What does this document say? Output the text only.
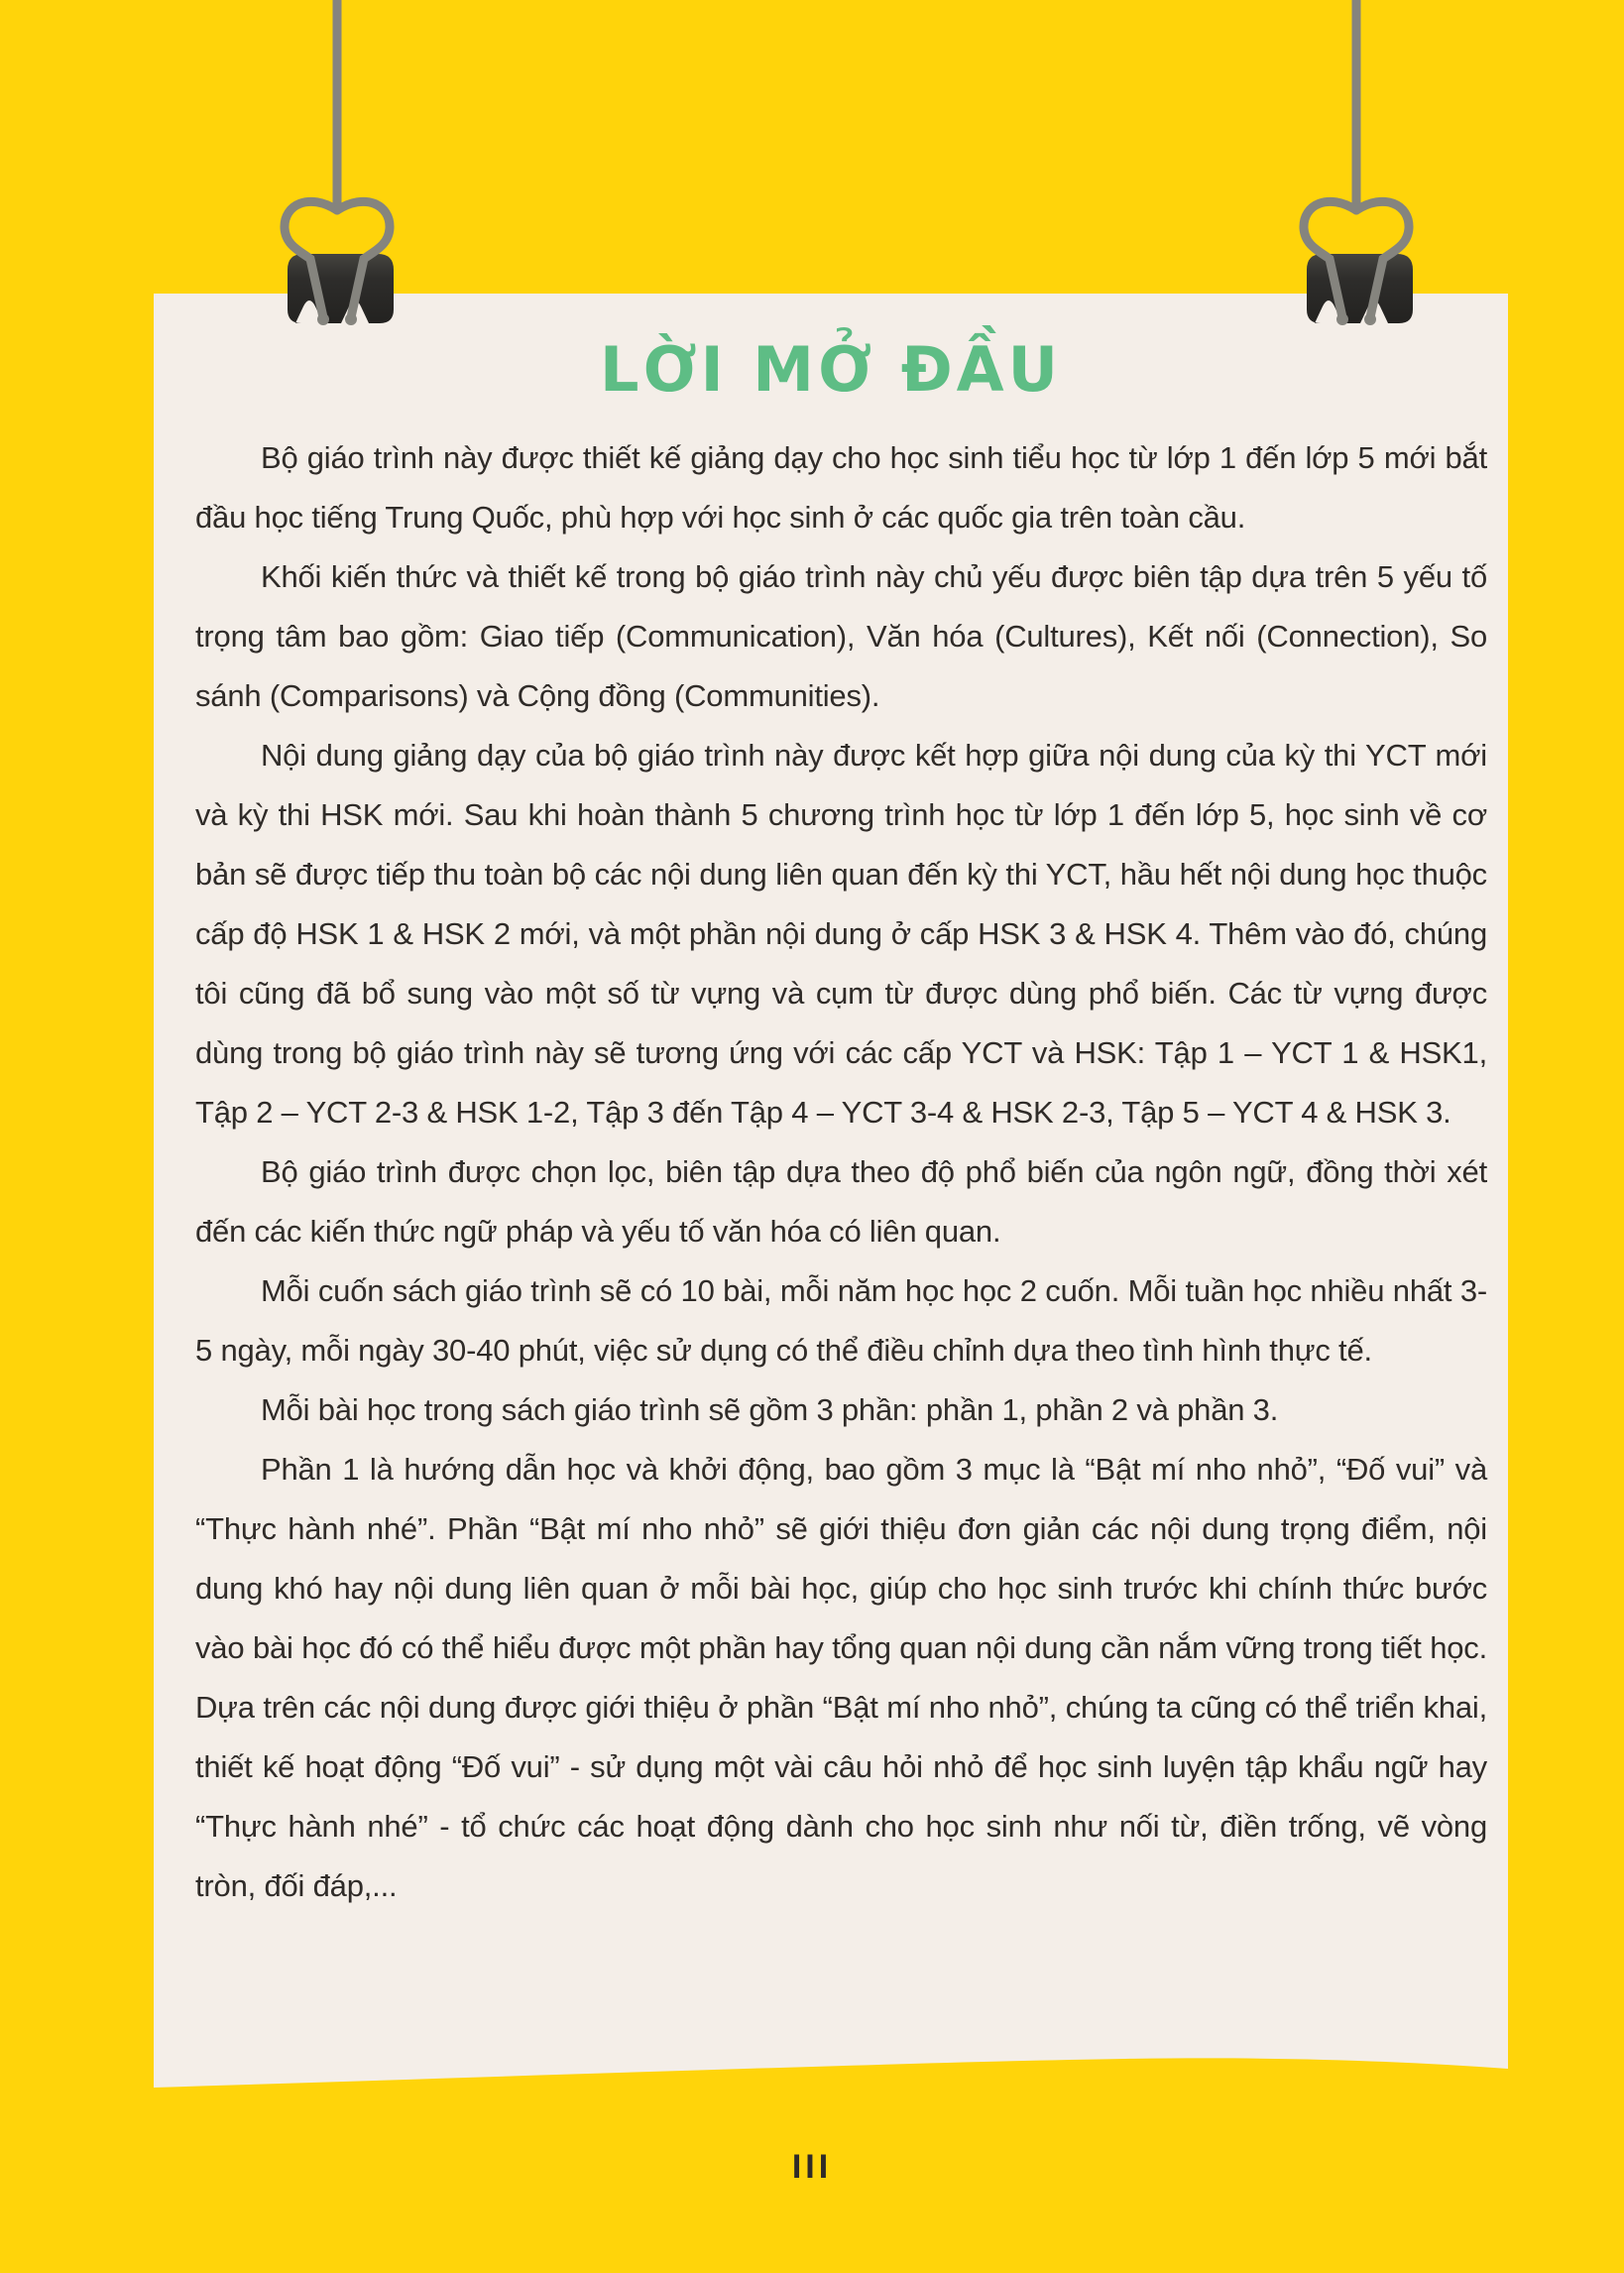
LỜI MỞ ĐẦU

Bộ giáo trình này được thiết kế giảng dạy cho học sinh tiểu học từ lớp 1 đến lớp 5 mới bắt đầu học tiếng Trung Quốc, phù hợp với học sinh ở các quốc gia trên toàn cầu.

Khối kiến thức và thiết kế trong bộ giáo trình này chủ yếu được biên tập dựa trên 5 yếu tố trọng tâm bao gồm: Giao tiếp (Communication), Văn hóa (Cultures), Kết nối (Connection), So sánh (Comparisons) và Cộng đồng (Communities).

Nội dung giảng dạy của bộ giáo trình này được kết hợp giữa nội dung của kỳ thi YCT mới và kỳ thi HSK mới. Sau khi hoàn thành 5 chương trình học từ lớp 1 đến lớp 5, học sinh về cơ bản sẽ được tiếp thu toàn bộ các nội dung liên quan đến kỳ thi YCT, hầu hết nội dung học thuộc cấp độ HSK 1 & HSK 2 mới, và một phần nội dung ở cấp HSK 3 & HSK 4. Thêm vào đó, chúng tôi cũng đã bổ sung vào một số từ vựng và cụm từ được dùng phổ biến. Các từ vựng được dùng trong bộ giáo trình này sẽ tương ứng với các cấp YCT và HSK: Tập 1 – YCT 1 & HSK1, Tập 2 – YCT 2-3 & HSK 1-2, Tập 3 đến Tập 4 – YCT 3-4 & HSK 2-3, Tập 5 – YCT 4 & HSK 3.

Bộ giáo trình được chọn lọc, biên tập dựa theo độ phổ biến của ngôn ngữ, đồng thời xét đến các kiến thức ngữ pháp và yếu tố văn hóa có liên quan.

Mỗi cuốn sách giáo trình sẽ có 10 bài, mỗi năm học học 2 cuốn. Mỗi tuần học nhiều nhất 3-5 ngày, mỗi ngày 30-40 phút, việc sử dụng có thể điều chỉnh dựa theo tình hình thực tế.

Mỗi bài học trong sách giáo trình sẽ gồm 3 phần: phần 1, phần 2 và phần 3.

Phần 1 là hướng dẫn học và khởi động, bao gồm 3 mục là “Bật mí nho nhỏ”, “Đố vui” và “Thực hành nhé”. Phần “Bật mí nho nhỏ” sẽ giới thiệu đơn giản các nội dung trọng điểm, nội dung khó hay nội dung liên quan ở mỗi bài học, giúp cho học sinh trước khi chính thức bước vào bài học đó có thể hiểu được một phần hay tổng quan nội dung cần nắm vững trong tiết học. Dựa trên các nội dung được giới thiệu ở phần “Bật mí nho nhỏ”, chúng ta cũng có thể triển khai, thiết kế hoạt động “Đố vui” - sử dụng một vài câu hỏi nhỏ để học sinh luyện tập khẩu ngữ hay “Thực hành nhé” - tổ chức các hoạt động dành cho học sinh như nối từ, điền trống, vẽ vòng tròn, đối đáp,...

III
